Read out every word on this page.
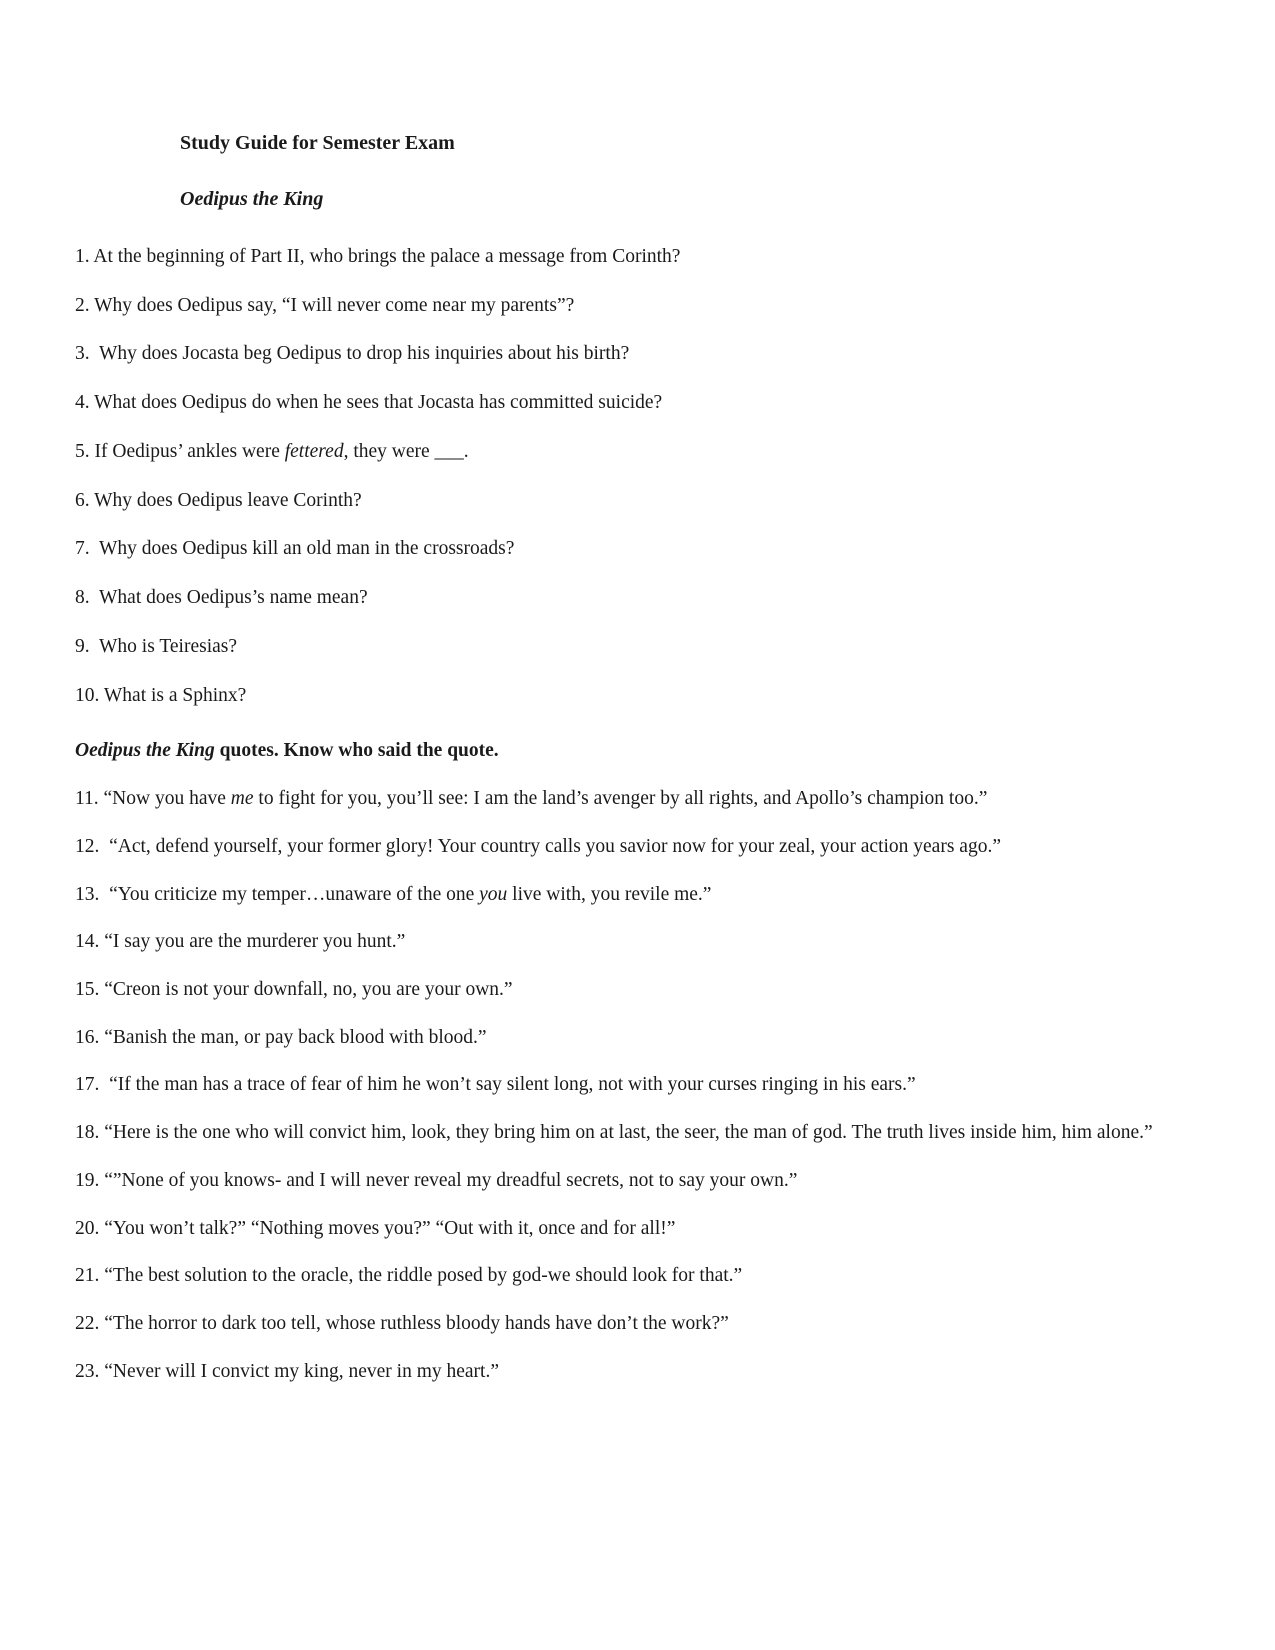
Study Guide for Semester Exam
Oedipus the King
1. At the beginning of Part II, who brings the palace a message from Corinth?
2. Why does Oedipus say, “I will never come near my parents”?
3.  Why does Jocasta beg Oedipus to drop his inquiries about his birth?
4. What does Oedipus do when he sees that Jocasta has committed suicide?
5. If Oedipus’ ankles were fettered, they were ___.
6. Why does Oedipus leave Corinth?
7.  Why does Oedipus kill an old man in the crossroads?
8.  What does Oedipus’s name mean?
9.  Who is Teiresias?
10. What is a Sphinx?
Oedipus the King quotes. Know who said the quote.
11. “Now you have me to fight for you, you’ll see: I am the land’s avenger by all rights, and Apollo’s champion too.”
12.  “Act, defend yourself, your former glory! Your country calls you savior now for your zeal, your action years ago.”
13.  “You criticize my temper…unaware of the one you live with, you revile me.”
14. “I say you are the murderer you hunt.”
15. “Creon is not your downfall, no, you are your own.”
16. “Banish the man, or pay back blood with blood.”
17.  “If the man has a trace of fear of him he won’t say silent long, not with your curses ringing in his ears.”
18. “Here is the one who will convict him, look, they bring him on at last, the seer, the man of god. The truth lives inside him, him alone.”
19. “”None of you knows- and I will never reveal my dreadful secrets, not to say your own.”
20. “You won’t talk?” “Nothing moves you?” “Out with it, once and for all!”
21. “The best solution to the oracle, the riddle posed by god-we should look for that.”
22. “The horror to dark too tell, whose ruthless bloody hands have don’t the work?”
23. “Never will I convict my king, never in my heart.”
